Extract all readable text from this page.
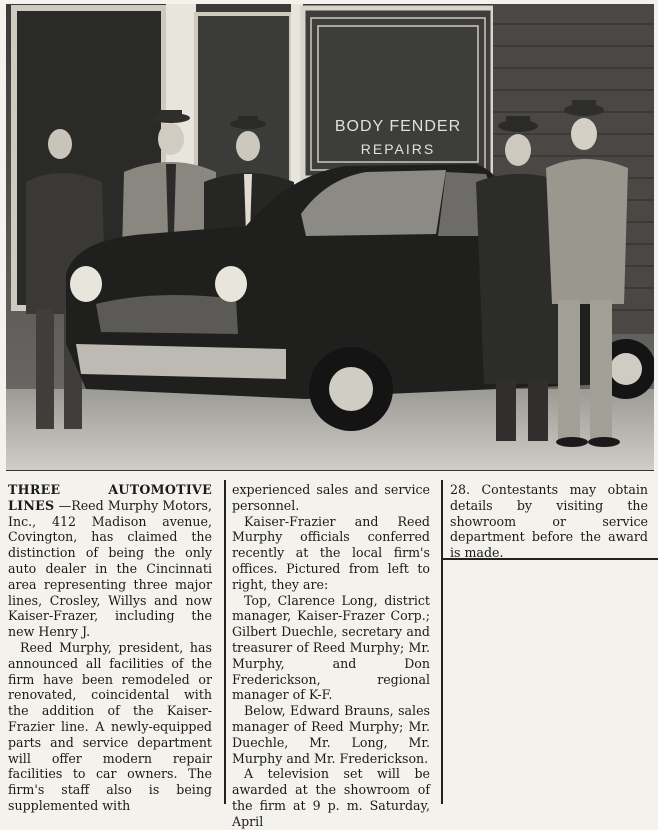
BODY FENDER
REPAIRS

THREE AUTOMOTIVE LINES —Reed Murphy Motors, Inc., 412 Madison avenue, Covington, has claimed the distinction of being the only auto dealer in the Cincinnati area representing three major lines, Crosley, Willys and now Kaiser-Frazer, including the new Henry J.

Reed Murphy, president, has announced all facilities of the firm have been remodeled or renovated, coincidental with the addition of the Kaiser-Frazier line. A newly-equipped parts and service department will offer modern repair facilities to car owners. The firm's staff also is being supplemented with

experienced sales and service personnel.

Kaiser-Frazier and Reed Murphy officials conferred recently at the local firm's offices. Pictured from left to right, they are:

Top, Clarence Long, district manager, Kaiser-Frazer Corp.; Gilbert Duechle, secretary and treasurer of Reed Murphy; Mr. Murphy, and Don Frederickson, regional manager of K-F.

Below, Edward Brauns, sales manager of Reed Murphy; Mr. Duechle, Mr. Long, Mr. Murphy and Mr. Frederickson.

A television set will be awarded at the showroom of the firm at 9 p. m. Saturday, April

28. Contestants may obtain details by visiting the showroom or service department before the award is made.
